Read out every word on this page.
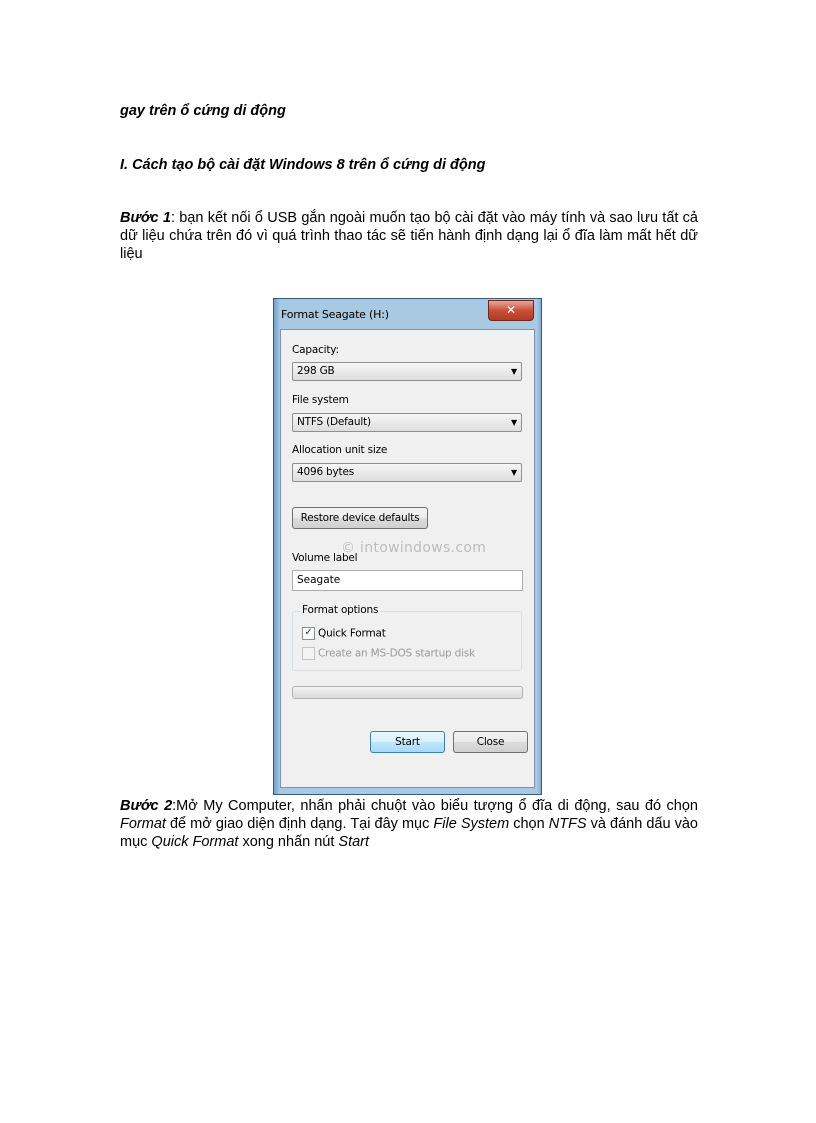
gay trên ổ cứng di động
I. Cách tạo bộ cài đặt Windows 8 trên ổ cứng di động
Bước 1: bạn kết nối ổ USB gắn ngoài muốn tạo bộ cài đặt vào máy tính và sao lưu tất cả dữ liệu chứa trên đó vì quá trình thao tác sẽ tiến hành định dạng lại ổ đĩa làm mất hết dữ liệu
Format Seagate (H:)	✕
Capacity:
298 GB	▼
File system
NTFS (Default)	▼
Allocation unit size
4096 bytes	▼
Restore device defaults
© intowindows.com
Volume label
Seagate
Format options
✓ Quick Format
Create an MS-DOS startup disk
Start	Close
Bước 2:Mở My Computer, nhấn phải chuột vào biểu tượng ổ đĩa di động, sau đó chọn Format để mở giao diện định dạng. Tại đây mục File System chọn NTFS và đánh dấu vào mục Quick Format xong nhấn nút Start
